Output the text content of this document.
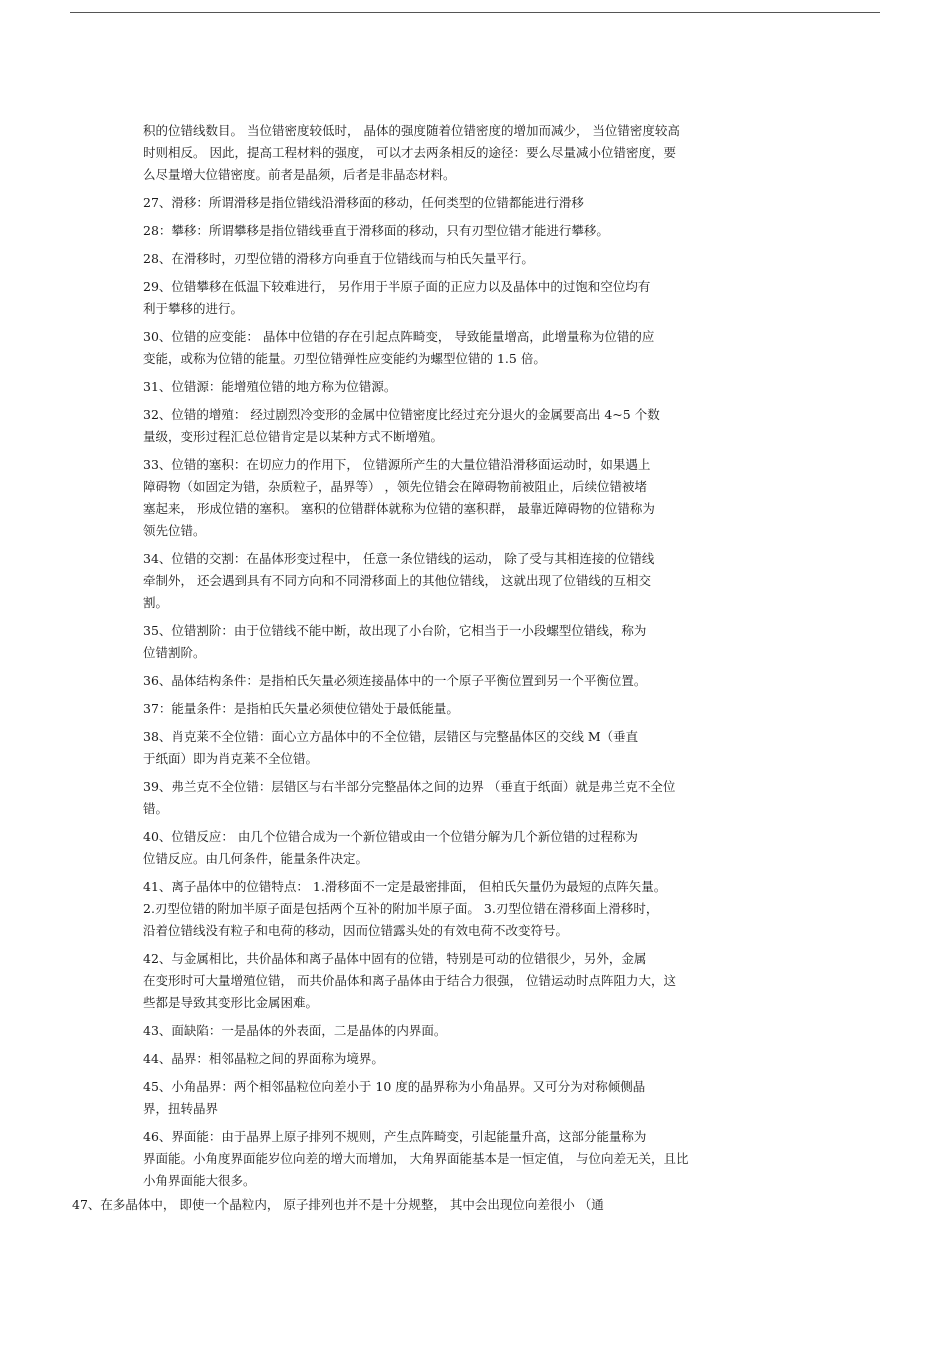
积的位错线数目。 当位错密度较低时， 晶体的强度随着位错密度的增加而减少， 当位错密度较高
时则相反。 因此，提高工程材料的强度， 可以才去两条相反的途径：要么尽量减小位错密度，要
么尽量增大位错密度。前者是晶须，后者是非晶态材料。
27、滑移：所谓滑移是指位错线沿滑移面的移动，任何类型的位错都能进行滑移
28：攀移：所谓攀移是指位错线垂直于滑移面的移动，只有刃型位错才能进行攀移。
28、在滑移时，刃型位错的滑移方向垂直于位错线而与柏氏矢量平行。
29、位错攀移在低温下较难进行， 另作用于半原子面的正应力以及晶体中的过饱和空位均有
利于攀移的进行。
30、位错的应变能： 晶体中位错的存在引起点阵畸变， 导致能量增高，此增量称为位错的应
变能，或称为位错的能量。刃型位错弹性应变能约为螺型位错的 1.5 倍。
31、位错源：能增殖位错的地方称为位错源。
32、位错的增殖： 经过剧烈冷变形的金属中位错密度比经过充分退火的金属要高出 4~5 个数
量级，变形过程汇总位错肯定是以某种方式不断增殖。
33、位错的塞积：在切应力的作用下， 位错源所产生的大量位错沿滑移面运动时，如果遇上
障碍物（如固定为错，杂质粒子，晶界等） ，领先位错会在障碍物前被阻止，后续位错被堵
塞起来， 形成位错的塞积。 塞积的位错群体就称为位错的塞积群， 最靠近障碍物的位错称为
领先位错。
34、位错的交割：在晶体形变过程中， 任意一条位错线的运动， 除了受与其相连接的位错线
牵制外， 还会遇到具有不同方向和不同滑移面上的其他位错线， 这就出现了位错线的互相交
割。
35、位错割阶：由于位错线不能中断，故出现了小台阶，它相当于一小段螺型位错线，称为
位错割阶。
36、晶体结构条件：是指柏氏矢量必须连接晶体中的一个原子平衡位置到另一个平衡位置。
37：能量条件：是指柏氏矢量必须使位错处于最低能量。
38、肖克莱不全位错：面心立方晶体中的不全位错，层错区与完整晶体区的交线 M（垂直
于纸面）即为肖克莱不全位错。
39、弗兰克不全位错：层错区与右半部分完整晶体之间的边界 （垂直于纸面）就是弗兰克不全位
错。
40、位错反应： 由几个位错合成为一个新位错或由一个位错分解为几个新位错的过程称为
位错反应。由几何条件，能量条件决定。
41、离子晶体中的位错特点： 1.滑移面不一定是最密排面， 但柏氏矢量仍为最短的点阵矢量。
2.刃型位错的附加半原子面是包括两个互补的附加半原子面。 3.刃型位错在滑移面上滑移时，
沿着位错线没有粒子和电荷的移动，因而位错露头处的有效电荷不改变符号。
42、与金属相比，共价晶体和离子晶体中固有的位错，特别是可动的位错很少，另外，金属
在变形时可大量增殖位错， 而共价晶体和离子晶体由于结合力很强， 位错运动时点阵阻力大，这
些都是导致其变形比金属困难。
43、面缺陷：一是晶体的外表面，二是晶体的内界面。
44、晶界：相邻晶粒之间的界面称为境界。
45、小角晶界：两个相邻晶粒位向差小于 10 度的晶界称为小角晶界。又可分为对称倾侧晶
界，扭转晶界
46、界面能：由于晶界上原子排列不规则，产生点阵畸变，引起能量升高，这部分能量称为
界面能。小角度界面能岁位向差的增大而增加， 大角界面能基本是一恒定值， 与位向差无关，且比
小角界面能大很多。
47、在多晶体中， 即使一个晶粒内， 原子排列也并不是十分规整， 其中会出现位向差很小 （通
